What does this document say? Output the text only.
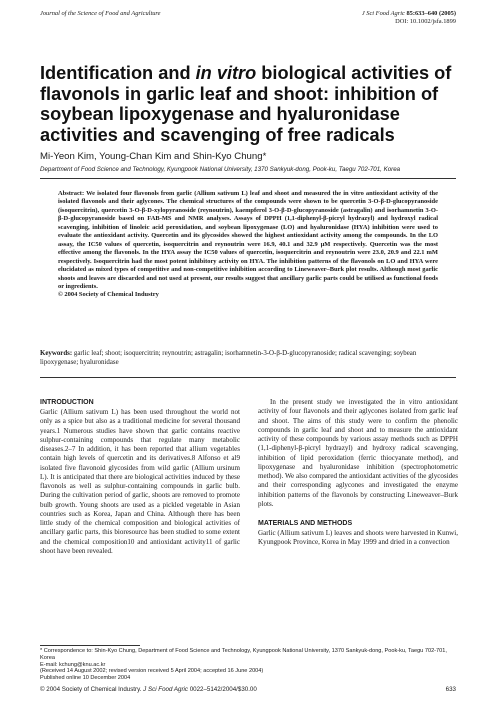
Journal of the Science of Food and Agriculture	J Sci Food Agric 85:633–640 (2005)
DOI: 10.1002/jsfa.1899
Identification and in vitro biological activities of flavonols in garlic leaf and shoot: inhibition of soybean lipoxygenase and hyaluronidase activities and scavenging of free radicals
Mi-Yeon Kim, Young-Chan Kim and Shin-Kyo Chung*
Department of Food Science and Technology, Kyungpook National University, 1370 Sankyuk-dong, Pook-ku, Taegu 702-701, Korea
Abstract: We isolated four flavonols from garlic (Allium sativum L) leaf and shoot and measured the in vitro antioxidant activity of the isolated flavonols and their aglycones. The chemical structures of the compounds were shown to be quercetin 3-O-β-D-glucopyranoside (isoquercitrin), quercetin 3-O-β-D-xylopyranoside (reynoutrin), kaempferol 3-O-β-D-glucopyranoside (astragalin) and isorhamnetin 3-O-β-D-glucopyranoside based on FAB-MS and NMR analyses. Assays of DPPH (1,1-diphenyl-β-picryl hydrazyl) and hydroxyl radical scavenging, inhibition of linoleic acid peroxidation, and soybean lipoxygenase (LO) and hyaluronidase (HYA) inhibition were used to evaluate the antioxidant activity. Quercetin and its glycosides showed the highest antioxidant activity among the compounds. In the LO assay, the IC50 values of quercetin, isoquercitrin and reynoutrin were 16.9, 40.1 and 32.9 µM respectively. Quercetin was the most effective among the flavonols. In the HYA assay the IC50 values of quercetin, isoquercitrin and reynoutrin were 23.0, 20.9 and 22.1 mM respectively. Isoquercitrin had the most potent inhibitory activity on HYA. The inhibition patterns of the flavonols on LO and HYA were elucidated as mixed types of competitive and non-competitive inhibition according to Lineweaver–Burk plot results. Although most garlic shoots and leaves are discarded and not used at present, our results suggest that ancillary garlic parts could be utilised as functional foods or ingredients.
© 2004 Society of Chemical Industry
Keywords: garlic leaf; shoot; isoquercitrin; reynoutrin; astragalin; isorhamnetin-3-O-β-D-glucopyranoside; radical scavenging; soybean lipoxygenase; hyaluronidase
INTRODUCTION

Garlic (Allium sativum L) has been used throughout the world not only as a spice but also as a traditional medicine for several thousand years.1 Numerous studies have shown that garlic contains reactive sulphur-containing compounds that regulate many metabolic diseases.2–7 In addition, it has been reported that allium vegetables contain high levels of quercetin and its derivatives.8 Alfonso et al9 isolated five flavonoid glycosides from wild garlic (Allium ursinum L). It is anticipated that there are biological activities induced by these flavonols as well as sulphur-containing compounds in garlic bulb. During the cultivation period of garlic, shoots are removed to promote bulb growth. Young shoots are used as a pickled vegetable in Asian countries such as Korea, Japan and China. Although there has been little study of the chemical composition and biological activities of ancillary garlic parts, this bioresource has been studied to some extent and the chemical composition10 and antioxidant activity11 of garlic shoot have been revealed.

In the present study we investigated the in vitro antioxidant activity of four flavonols and their aglycones isolated from garlic leaf and shoot. The aims of this study were to confirm the phenolic compounds in garlic leaf and shoot and to measure the antioxidant activity of these compounds by various assay methods such as DPPH (1,1-diphenyl-β-picryl hydrazyl) and hydroxy radical scavenging, inhibition of lipid peroxidation (ferric thiocyanate method), and lipoxygenase and hyaluronidase inhibition (spectrophotometric method). We also compared the antioxidant activities of the glycosides and their corresponding aglycones and investigated the enzyme inhibition patterns of the flavonols by constructing Lineweaver–Burk plots.

MATERIALS AND METHODS

Garlic (Allium sativum L) leaves and shoots were harvested in Kunwi, Kyungpook Province, Korea in May 1999 and dried in a convection

* Correspondence to: Shin-Kyo Chung, Department of Food Science and Technology, Kyungpook National University, 1370 Sankyuk-dong, Pook-ku, Taegu 702-701, Korea
E-mail: kchung@knu.ac.kr
(Received 14 August 2002; revised version received 5 April 2004; accepted 16 June 2004)
Published online 10 December 2004
© 2004 Society of Chemical Industry. J Sci Food Agric 0022–5142/2004/$30.00	633
